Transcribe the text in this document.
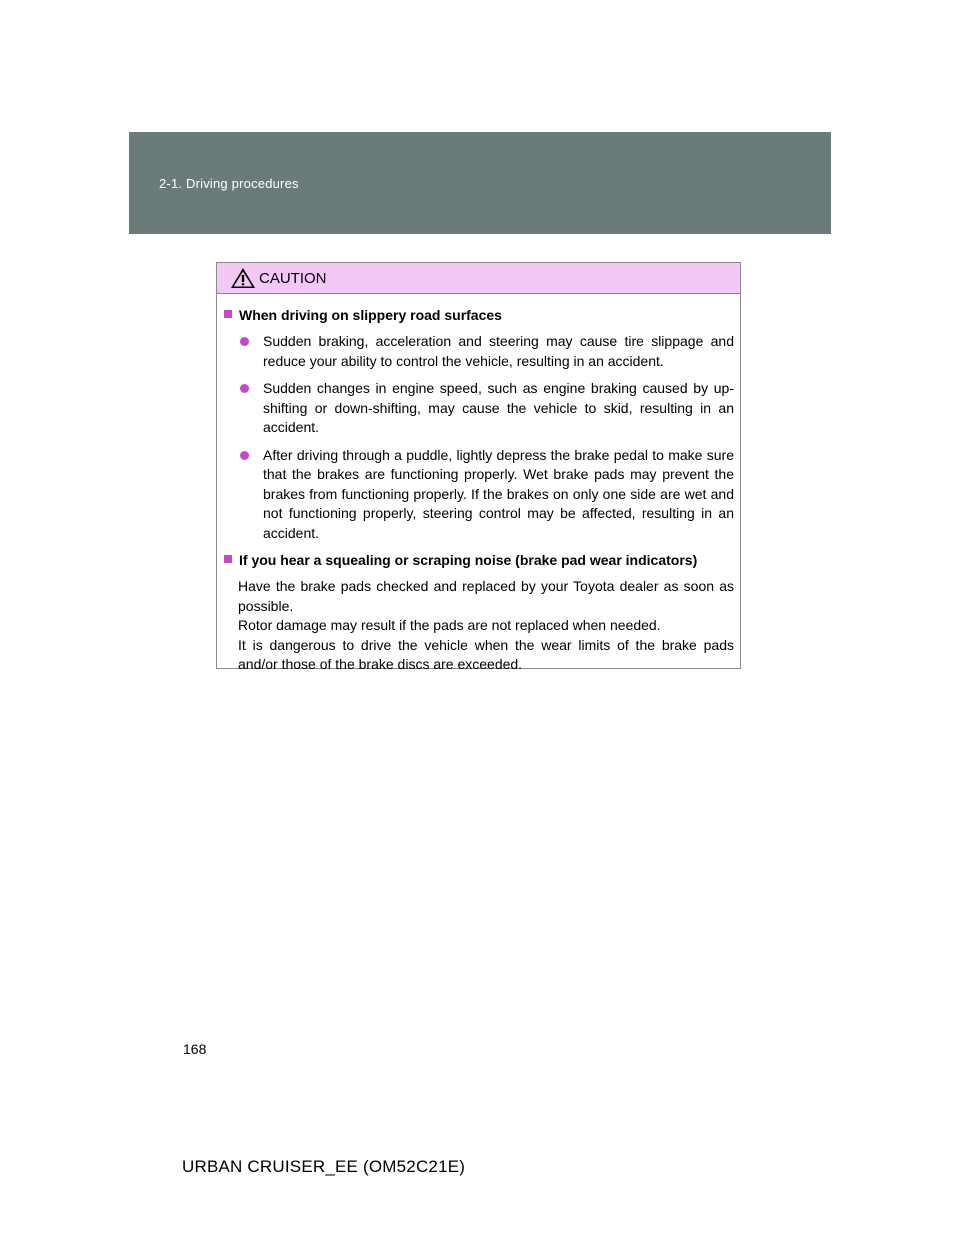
2-1. Driving procedures
CAUTION
When driving on slippery road surfaces
Sudden braking, acceleration and steering may cause tire slippage and reduce your ability to control the vehicle, resulting in an accident.
Sudden changes in engine speed, such as engine braking caused by up-shifting or down-shifting, may cause the vehicle to skid, resulting in an accident.
After driving through a puddle, lightly depress the brake pedal to make sure that the brakes are functioning properly. Wet brake pads may prevent the brakes from functioning properly. If the brakes on only one side are wet and not functioning properly, steering control may be affected, resulting in an accident.
If you hear a squealing or scraping noise (brake pad wear indicators)

Have the brake pads checked and replaced by your Toyota dealer as soon as possible.

Rotor damage may result if the pads are not replaced when needed.

It is dangerous to drive the vehicle when the wear limits of the brake pads and/or those of the brake discs are exceeded.

168
URBAN CRUISER_EE (OM52C21E)
